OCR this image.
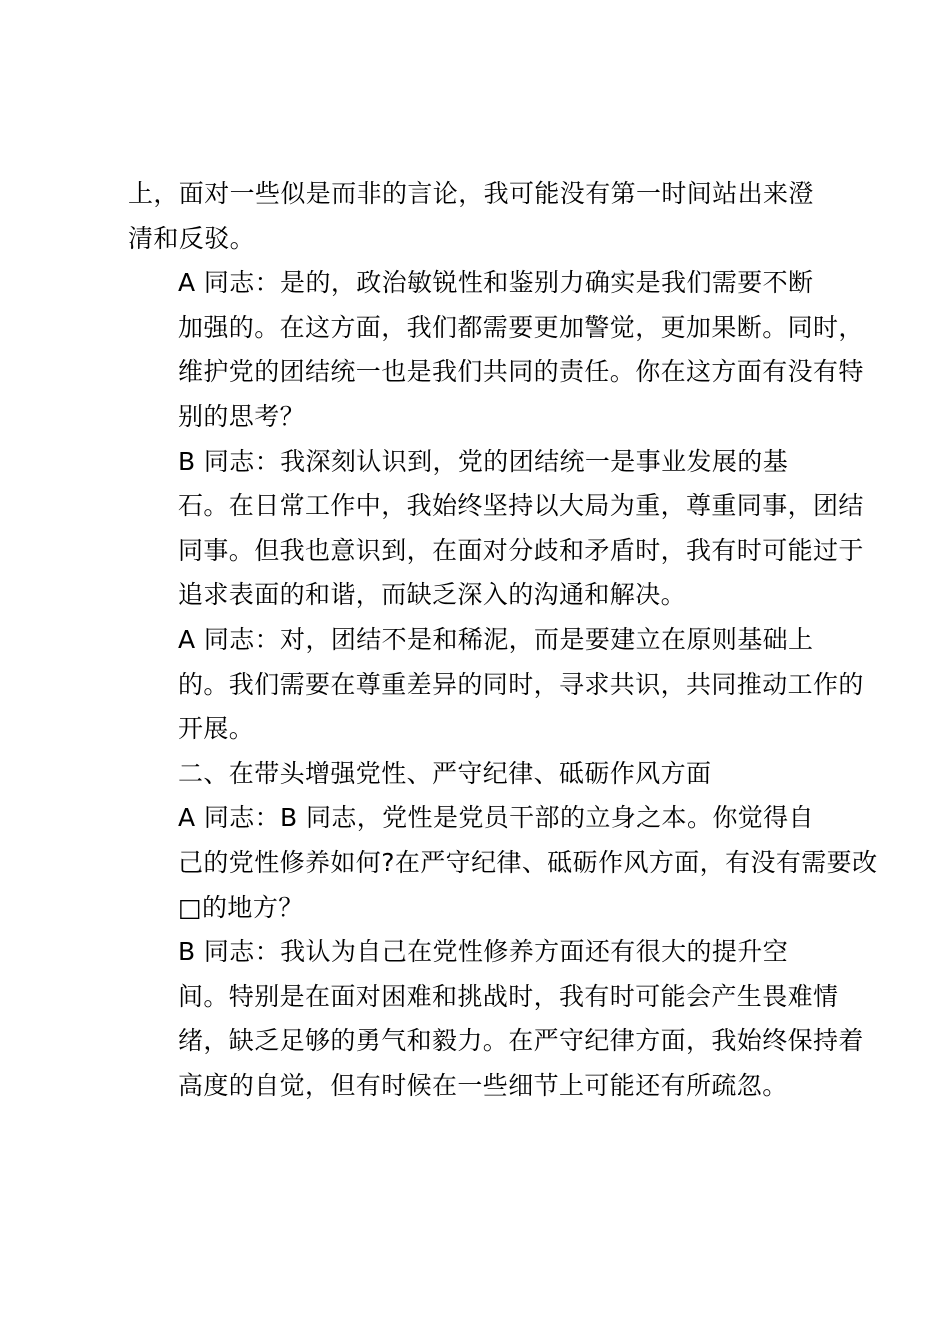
上，面对一些似是而非的言论，我可能没有第一时间站出来澄
清和反驳。

A 同志：是的，政治敏锐性和鉴别力确实是我们需要不断
加强的。在这方面，我们都需要更加警觉，更加果断。同时，
维护党的团结统一也是我们共同的责任。你在这方面有没有特
别的思考？

B 同志：我深刻认识到，党的团结统一是事业发展的基
石。在日常工作中，我始终坚持以大局为重，尊重同事，团结
同事。但我也意识到，在面对分歧和矛盾时，我有时可能过于
追求表面的和谐，而缺乏深入的沟通和解决。

A 同志：对，团结不是和稀泥，而是要建立在原则基础上
的。我们需要在尊重差异的同时，寻求共识，共同推动工作的
开展。

二、在带头增强党性、严守纪律、砥砺作风方面

A 同志：B 同志，党性是党员干部的立身之本。你觉得自
己的党性修养如何?在严守纪律、砥砺作风方面，有没有需要改
□的地方？

B 同志：我认为自己在党性修养方面还有很大的提升空
间。特别是在面对困难和挑战时，我有时可能会产生畏难情
绪，缺乏足够的勇气和毅力。在严守纪律方面，我始终保持着
高度的自觉，但有时候在一些细节上可能还有所疏忽。
